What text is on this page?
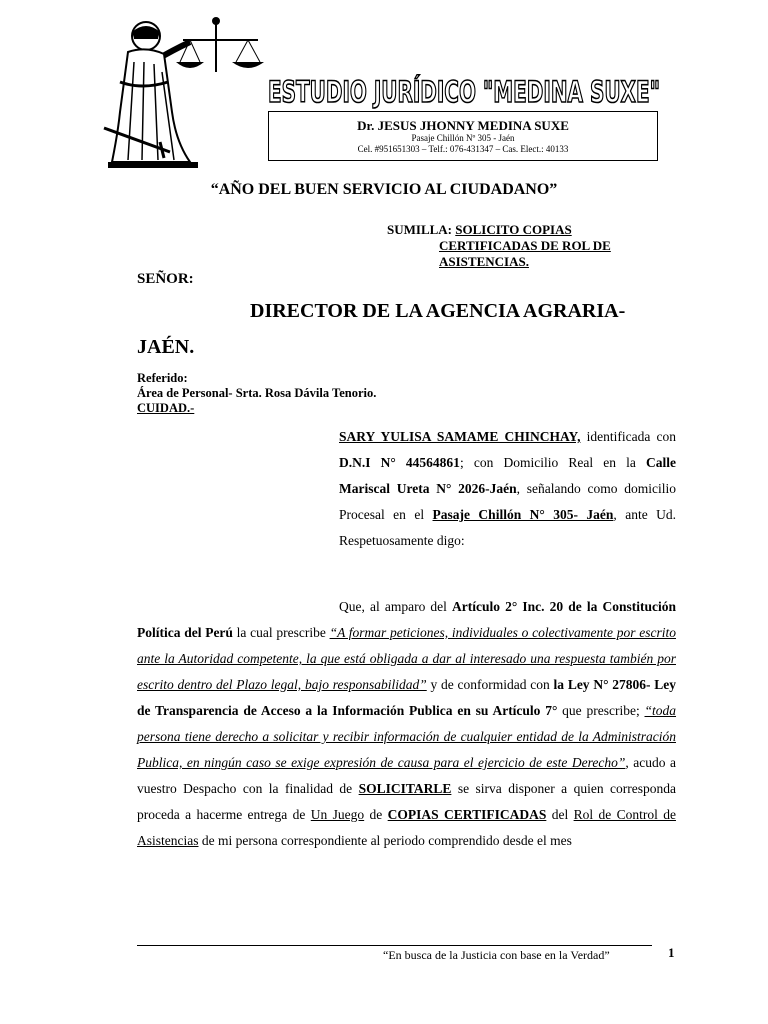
ESTUDIO JURÍDICO "MEDINA SUXE"
Dr. JESUS JHONNY MEDINA SUXE
Pasaje Chillón Nº 305 - Jaén
Cel. #951651303 – Telf.: 076-431347 – Cas. Elect.: 40133
“AÑO DEL BUEN SERVICIO AL CIUDADANO”
SUMILLA: SOLICITO COPIAS
CERTIFICADAS DE ROL DE
ASISTENCIAS.
SEÑOR:
DIRECTOR DE LA AGENCIA AGRARIA-
JAÉN.
Referido:
Área de Personal- Srta. Rosa Dávila Tenorio.
CUIDAD.-
SARY YULISA SAMAME CHINCHAY, identificada con D.N.I N° 44564861; con Domicilio Real en la Calle Mariscal Ureta N° 2026-Jaén, señalando como domicilio Procesal en el Pasaje Chillón N° 305- Jaén, ante Ud. Respetuosamente digo:
Que, al amparo del Artículo 2° Inc. 20 de la Constitución Política del Perú la cual prescribe “A formar peticiones, individuales o colectivamente por escrito ante la Autoridad competente, la que está obligada a dar al interesado una respuesta también por escrito dentro del Plazo legal, bajo responsabilidad” y de conformidad con la Ley N° 27806- Ley de Transparencia de Acceso a la Información Publica en su Artículo 7° que prescribe; “toda persona tiene derecho a solicitar y recibir información de cualquier entidad de la Administración Publica, en ningún caso se exige expresión de causa para el ejercicio de este Derecho”, acudo a vuestro Despacho con la finalidad de SOLICITARLE se sirva disponer a quien corresponda proceda a hacerme entrega de Un Juego de COPIAS CERTIFICADAS del Rol de Control de Asistencias de mi persona correspondiente al periodo comprendido desde el mes
“En busca de la Justicia con base en la Verdad”	1
